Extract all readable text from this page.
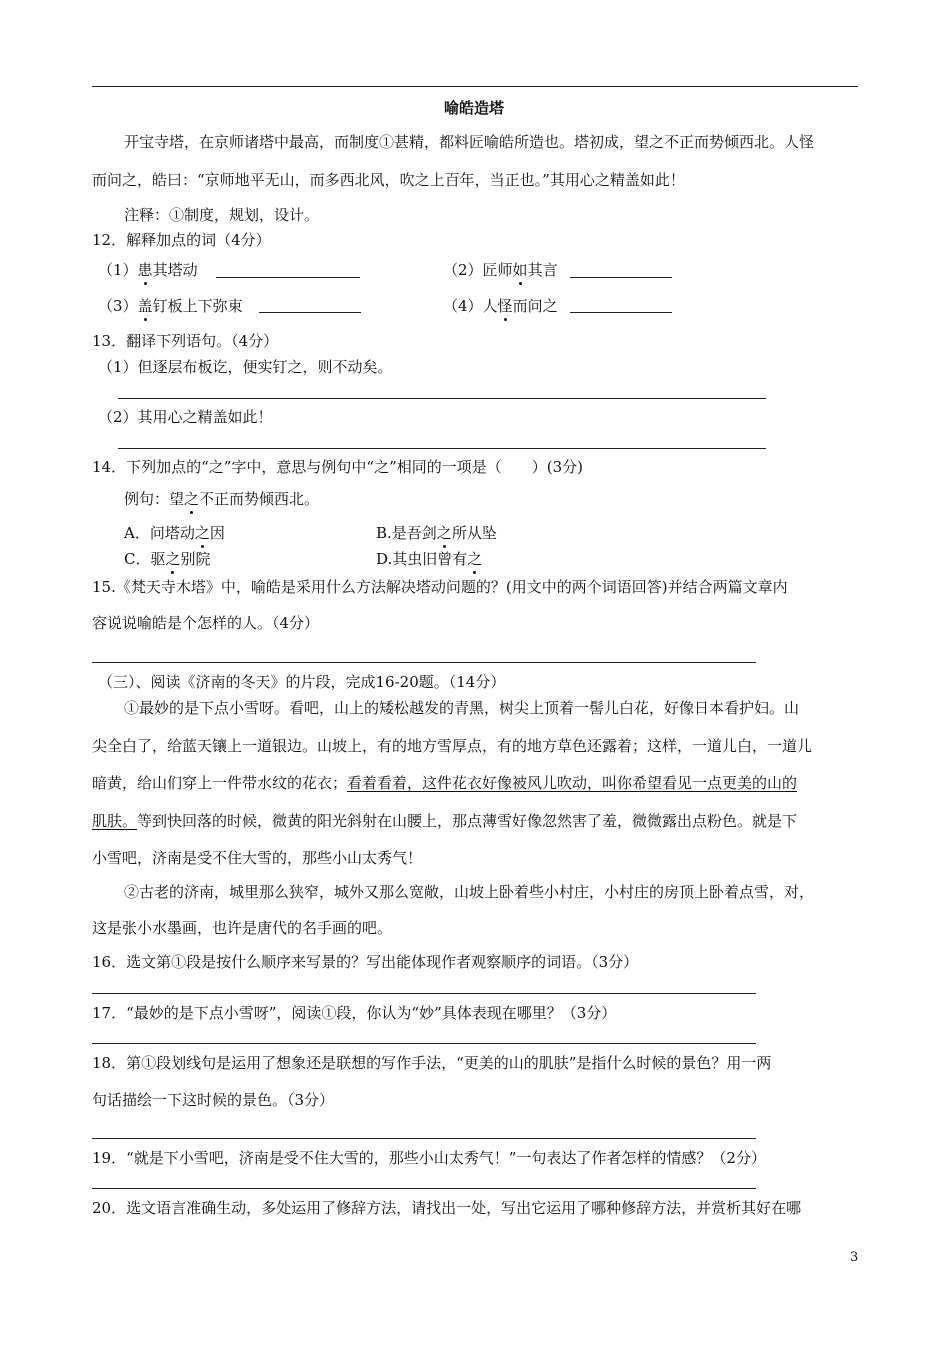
喻皓造塔
开宝寺塔，在京师诸塔中最高，而制度①甚精，都料匠喻皓所造也。塔初成，望之不正而势倾西北。人怪
而问之，皓曰：“京师地平无山，而多西北风，吹之上百年，当正也。”其用心之精盖如此！
注释：①制度，规划，设计。
12．解释加点的词（4分）
（1）患其塔动	（2）匠师如其言
（3）盖钉板上下弥束	（4）人怪而问之
13．翻译下列语句。（4分）
（1）但逐层布板讫，便实钉之，则不动矣。
（2）其用心之精盖如此！
14．下列加点的“之”字中，意思与例句中“之”相同的一项是（　　）(3分)
例句：望之不正而势倾西北。
A．问塔动之因	B.是吾剑之所从坠
C．驱之别院	D.其虫旧曾有之
15.《梵天寺木塔》中，喻皓是采用什么方法解决塔动问题的？(用文中的两个词语回答)并结合两篇文章内
容说说喻皓是个怎样的人。（4分）
（三）、阅读《济南的冬天》的片段，完成16-20题。（14分）
①最妙的是下点小雪呀。看吧，山上的矮松越发的青黑，树尖上顶着一髻儿白花，好像日本看护妇。山
尖全白了，给蓝天镶上一道银边。山坡上，有的地方雪厚点，有的地方草色还露着；这样，一道儿白，一道儿
暗黄，给山们穿上一件带水纹的花衣；看着看着，这件花衣好像被风儿吹动，叫你希望看见一点更美的山的
肌肤。等到快回落的时候，微黄的阳光斜射在山腰上，那点薄雪好像忽然害了羞，微微露出点粉色。就是下
小雪吧，济南是受不住大雪的，那些小山太秀气！
②古老的济南，城里那么狭窄，城外又那么宽敞，山坡上卧着些小村庄，小村庄的房顶上卧着点雪，对，
这是张小水墨画，也许是唐代的名手画的吧。
16．选文第①段是按什么顺序来写景的？写出能体现作者观察顺序的词语。（3分）
17．“最妙的是下点小雪呀”，阅读①段，你认为“妙”具体表现在哪里？（3分）
18．第①段划线句是运用了想象还是联想的写作手法，“更美的山的肌肤”是指什么时候的景色？用一两
句话描绘一下这时候的景色。（3分）
19．“就是下小雪吧，济南是受不住大雪的，那些小山太秀气！”一句表达了作者怎样的情感？（2分）
20．选文语言准确生动，多处运用了修辞方法，请找出一处，写出它运用了哪种修辞方法，并赏析其好在哪
3
